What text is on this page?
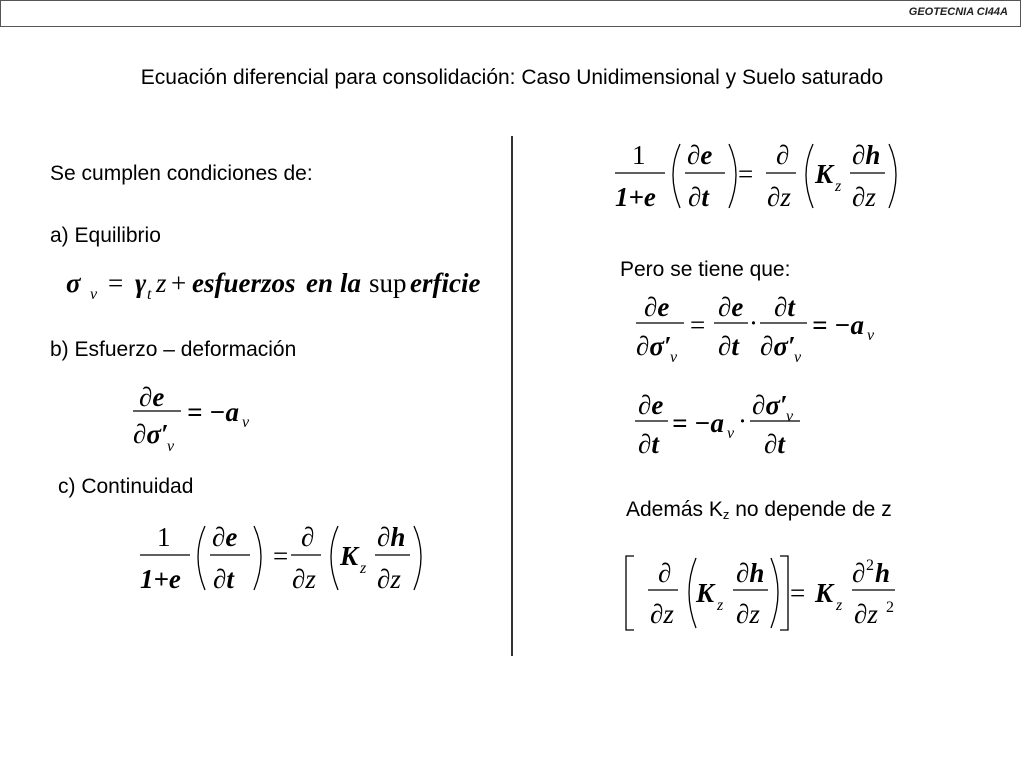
GEOTECNIA CI44A
Ecuación diferencial para consolidación: Caso Unidimensional y Suelo saturado
Se cumplen condiciones de:
a) Equilibrio
σ v = γ t z + esfuerzos en la sup erficie
b) Esfuerzo – deformación
∂e
∂σ′
v
= −a v
c) Continuidad
1
1+e
∂e
∂t
=
∂
∂z
K z
∂h
∂z
1
1+e
∂e
∂t
=
∂
∂z
K z
∂h
∂z
Pero se tiene que:
∂e
∂σ′
v
=
∂e
∂t
·
∂t
∂σ′
v
= −a v
∂e
∂t
= −a v ·
∂σ′
v
∂t
Además Kz no depende de z
∂
∂z
K z
∂h
∂z
= K z
∂ 2 h
∂z 2
